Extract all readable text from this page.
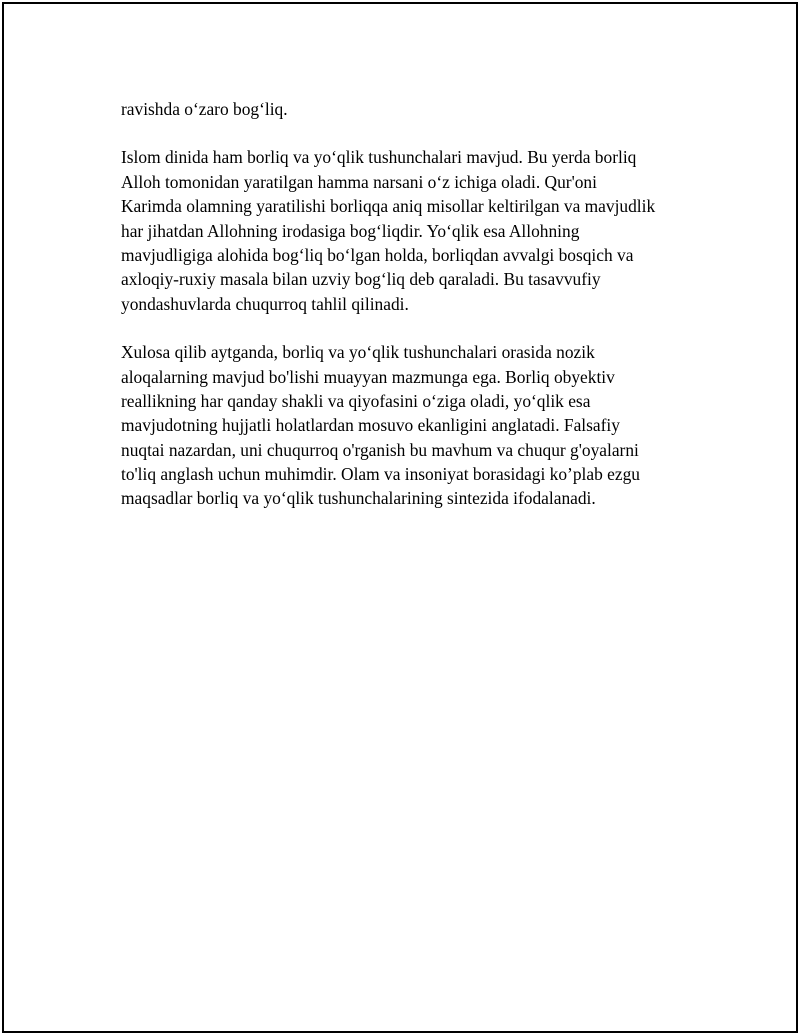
ravishda o‘zaro bog‘liq.

Islom dinida ham borliq va yo‘qlik tushunchalari mavjud. Bu yerda borliq
Alloh tomonidan yaratilgan hamma narsani o‘z ichiga oladi. Qur'oni
Karimda olamning yaratilishi borliqqa aniq misollar keltirilgan va mavjudlik
har jihatdan Allohning irodasiga bog‘liqdir. Yo‘qlik esa Allohning
mavjudligiga alohida bog‘liq bo‘lgan holda, borliqdan avvalgi bosqich va
axloqiy-ruxiy masala bilan uzviy bog‘liq deb qaraladi. Bu tasavvufiy
yondashuvlarda chuqurroq tahlil qilinadi.

Xulosa qilib aytganda, borliq va yo‘qlik tushunchalari orasida nozik
aloqalarning mavjud bo'lishi muayyan mazmunga ega. Borliq obyektiv
reallikning har qanday shakli va qiyofasini o‘ziga oladi, yo‘qlik esa
mavjudotning hujjatli holatlardan mosuvo ekanligini anglatadi. Falsafiy
nuqtai nazardan, uni chuqurroq o'rganish bu mavhum va chuqur g'oyalarni
to'liq anglash uchun muhimdir. Olam va insoniyat borasidagi ko’plab ezgu
maqsadlar borliq va yo‘qlik tushunchalarining sintezida ifodalanadi.
